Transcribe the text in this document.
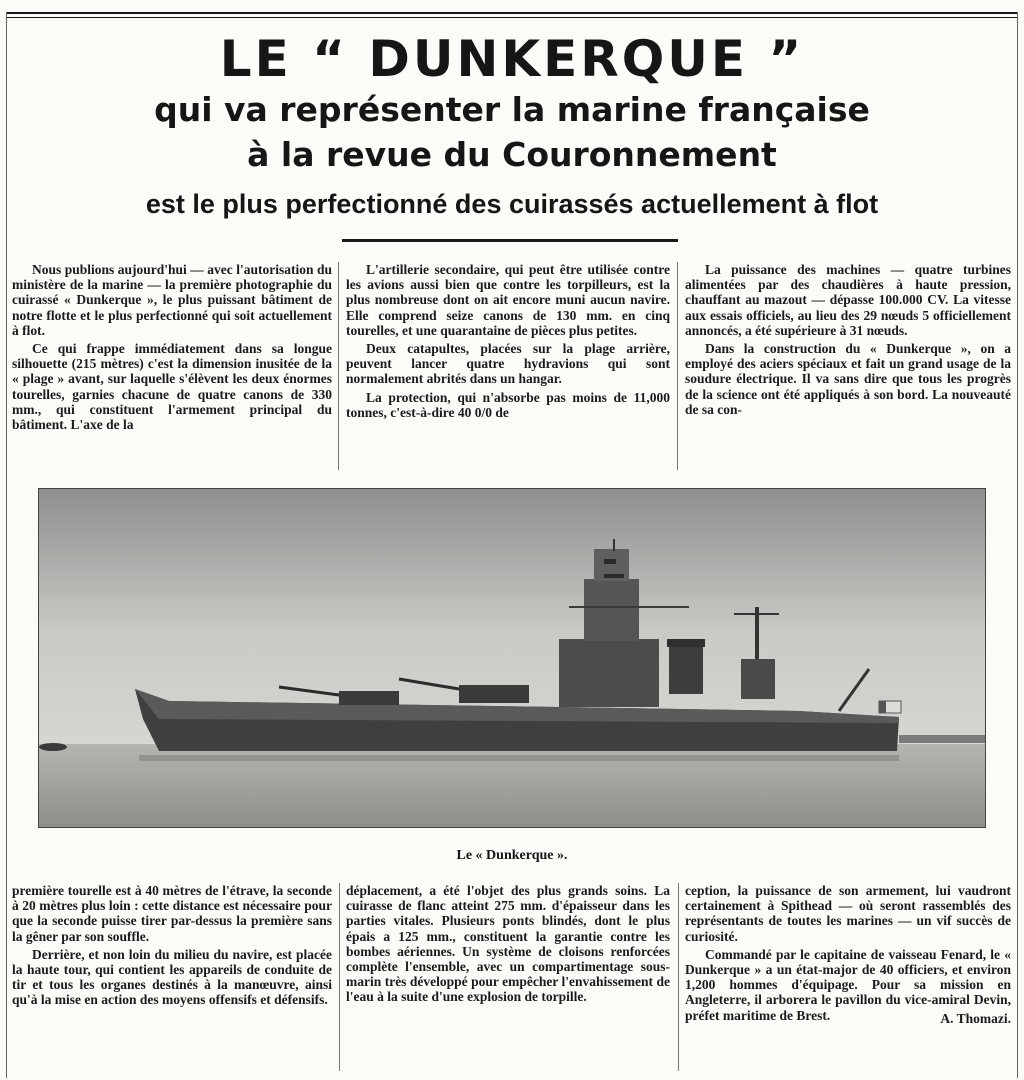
LE “ DUNKERQUE ”
qui va représenter la marine française
à la revue du Couronnement
est le plus perfectionné des cuirassés actuellement à flot

Nous publions aujourd'hui — avec l'autorisation du ministère de la marine — la première photographie du cuirassé « Dunkerque », le plus puissant bâtiment de notre flotte et le plus perfectionné qui soit actuellement à flot.

Ce qui frappe immédiatement dans sa longue silhouette (215 mètres) c'est la dimension inusitée de la « plage » avant, sur laquelle s'élèvent les deux énormes tourelles, garnies chacune de quatre canons de 330 mm., qui constituent l'armement principal du bâtiment. L'axe de la

L'artillerie secondaire, qui peut être utilisée contre les avions aussi bien que contre les torpilleurs, est la plus nombreuse dont on ait encore muni aucun navire. Elle comprend seize canons de 130 mm. en cinq tourelles, et une quarantaine de pièces plus petites.

Deux catapultes, placées sur la plage arrière, peuvent lancer quatre hydravions qui sont normalement abrités dans un hangar.

La protection, qui n'absorbe pas moins de 11,000 tonnes, c'est-à-dire 40 0/0 de

La puissance des machines — quatre turbines alimentées par des chaudières à haute pression, chauffant au mazout — dépasse 100.000 CV. La vitesse aux essais officiels, au lieu des 29 nœuds 5 officiellement annoncés, a été supérieure à 31 nœuds.

Dans la construction du « Dunkerque », on a employé des aciers spéciaux et fait un grand usage de la soudure électrique. Il va sans dire que tous les progrès de la science ont été appliqués à son bord. La nouveauté de sa con-

Le « Dunkerque ».

première tourelle est à 40 mètres de l'étrave, la seconde à 20 mètres plus loin : cette distance est nécessaire pour que la seconde puisse tirer par-dessus la première sans la gêner par son souffle.

Derrière, et non loin du milieu du navire, est placée la haute tour, qui contient les appareils de conduite de tir et tous les organes destinés à la manœuvre, ainsi qu'à la mise en action des moyens offensifs et défensifs.

déplacement, a été l'objet des plus grands soins. La cuirasse de flanc atteint 275 mm. d'épaisseur dans les parties vitales. Plusieurs ponts blindés, dont le plus épais a 125 mm., constituent la garantie contre les bombes aériennes. Un système de cloisons renforcées complète l'ensemble, avec un compartimentage sous-marin très développé pour empêcher l'envahissement de l'eau à la suite d'une explosion de torpille.

ception, la puissance de son armement, lui vaudront certainement à Spithead — où seront rassemblés des représentants de toutes les marines — un vif succès de curiosité.

Commandé par le capitaine de vaisseau Fenard, le « Dunkerque » a un état-major de 40 officiers, et environ 1,200 hommes d'équipage. Pour sa mission en Angleterre, il arborera le pavillon du vice-amiral Devin, préfet maritime de Brest.	A. Thomazi.
